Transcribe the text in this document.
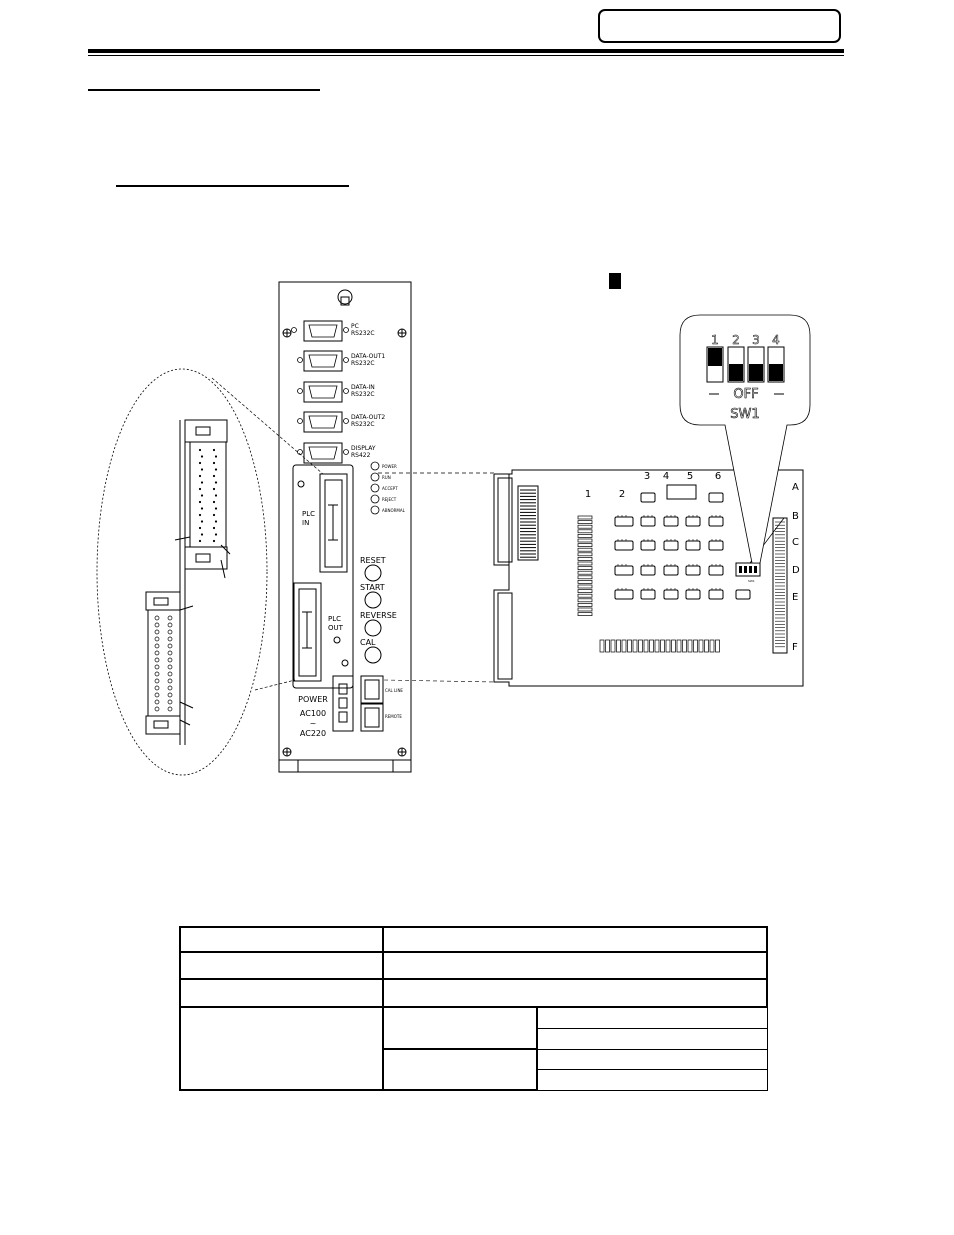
PC RS232C
DATA-OUT1 RS232C
DATA-IN RS232C
DATA-OUT2 RS232C
DISPLAY RS422
POWER
RUN
ACCEPT
REJECT
ABNORMAL
PLC IN
PLC OUT
RESET
START
REVERSE
CAL
POWER
AC100
~
AC220
CAL LINE
REMOTE
1	2
3 4 5 6
A
B
C
D
E
F
SW1
1 2 3 4
OFF
SW1
